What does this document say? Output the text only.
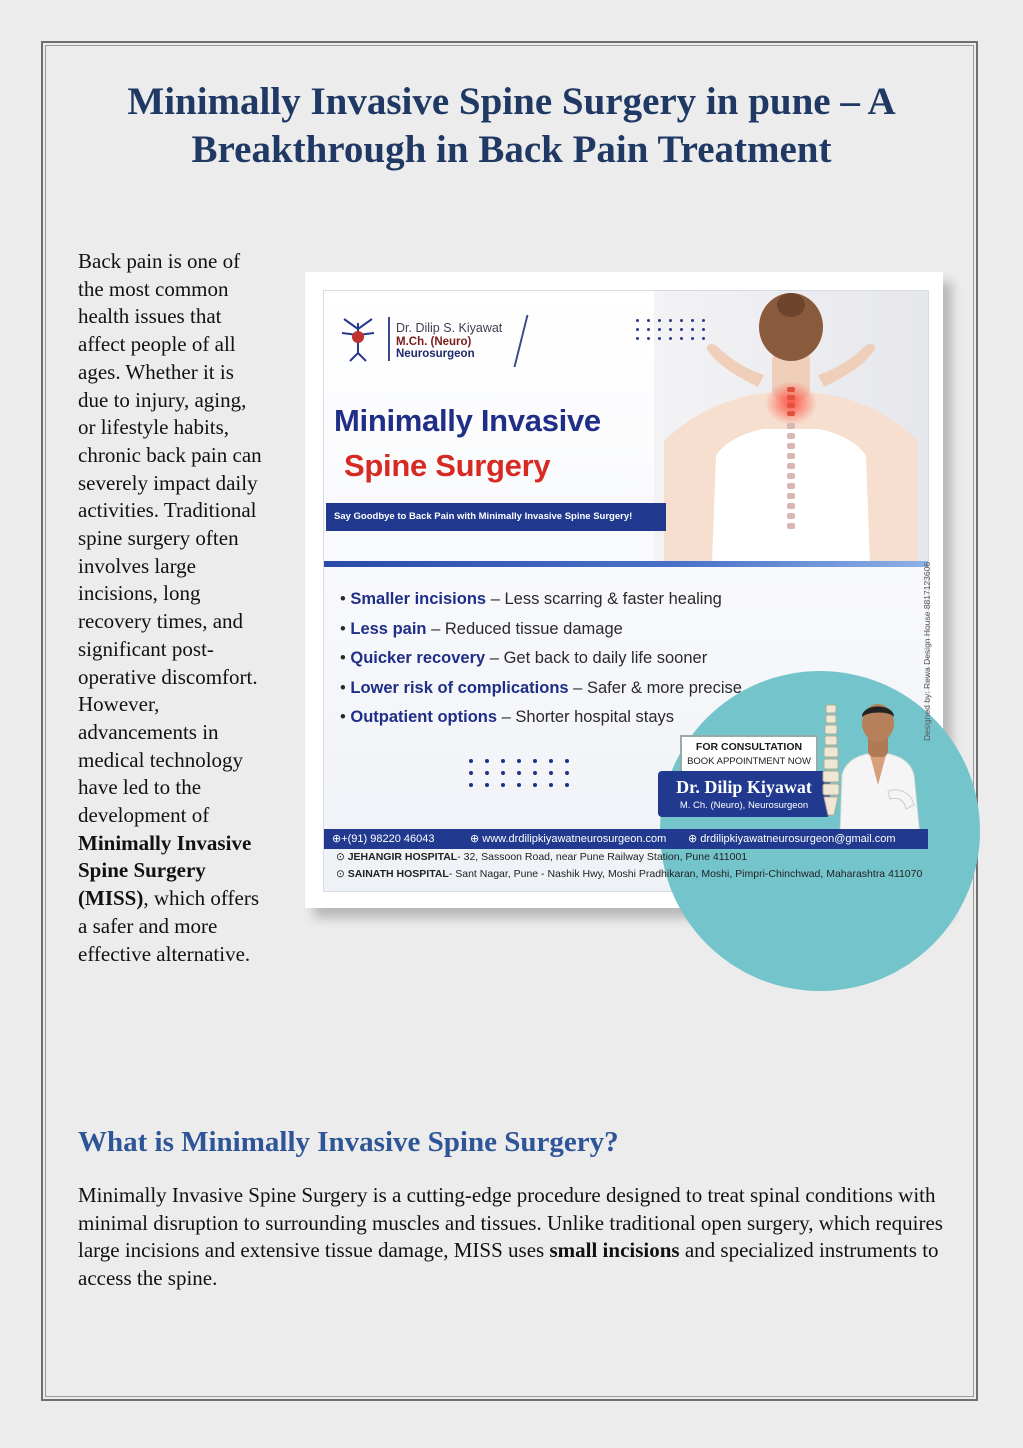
Minimally Invasive Spine Surgery in pune – A Breakthrough in Back Pain Treatment

Back pain is one of the most common health issues that affect people of all ages. Whether it is due to injury, aging, or lifestyle habits, chronic back pain can severely impact daily activities. Traditional spine surgery often involves large incisions, long recovery times, and significant post-operative discomfort. However, advancements in medical technology have led to the development of Minimally Invasive Spine Surgery (MISS), which offers a safer and more effective alternative.

Dr. Dilip S. Kiyawat
M.Ch. (Neuro)
Neurosurgeon
Minimally Invasive
Spine Surgery
Say Goodbye to Back Pain with Minimally Invasive Spine Surgery!
• Smaller incisions – Less scarring & faster healing
• Less pain – Reduced tissue damage
• Quicker recovery – Get back to daily life sooner
• Lower risk of complications – Safer & more precise
• Outpatient options – Shorter hospital stays
FOR CONSULTATION
BOOK APPOINTMENT NOW
Dr. Dilip Kiyawat
M. Ch. (Neuro), Neurosurgeon
Designed by: Rewa Design House 8817123606
⊕+(91) 98220 46043	⊕ www.drdilipkiyawatneurosurgeon.com ⊕ drdilipkiyawatneurosurgeon@gmail.com
⊙ JEHANGIR HOSPITAL- 32, Sassoon Road, near Pune Railway Station, Pune 411001
⊙ SAINATH HOSPITAL- Sant Nagar, Pune - Nashik Hwy, Moshi Pradhikaran, Moshi, Pimpri-Chinchwad, Maharashtra 411070
What is Minimally Invasive Spine Surgery?

Minimally Invasive Spine Surgery is a cutting-edge procedure designed to treat spinal conditions with minimal disruption to surrounding muscles and tissues. Unlike traditional open surgery, which requires large incisions and extensive tissue damage, MISS uses small incisions and specialized instruments to access the spine.
